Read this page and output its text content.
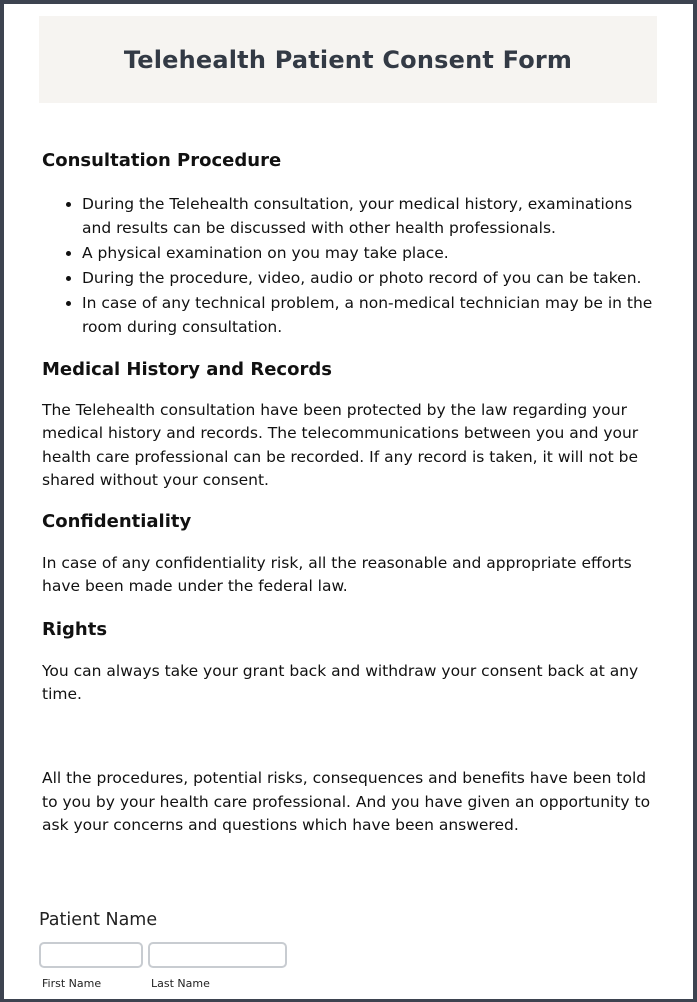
Telehealth Patient Consent Form
Consultation Procedure
• During the Telehealth consultation, your medical history, examinations and results can be discussed with other health professionals.
• A physical examination on you may take place.
• During the procedure, video, audio or photo record of you can be taken.
• In case of any technical problem, a non-medical technician may be in the room during consultation.
Medical History and Records

The Telehealth consultation have been protected by the law regarding your medical history and records. The telecommunications between you and your health care professional can be recorded. If any record is taken, it will not be shared without your consent.

Confidentiality

In case of any confidentiality risk, all the reasonable and appropriate efforts have been made under the federal law.

Rights

You can always take your grant back and withdraw your consent back at any time.

All the procedures, potential risks, consequences and benefits have been told to you by your health care professional. And you have given an opportunity to ask your concerns and questions which have been answered.

Patient Name

First Name	Last Name
